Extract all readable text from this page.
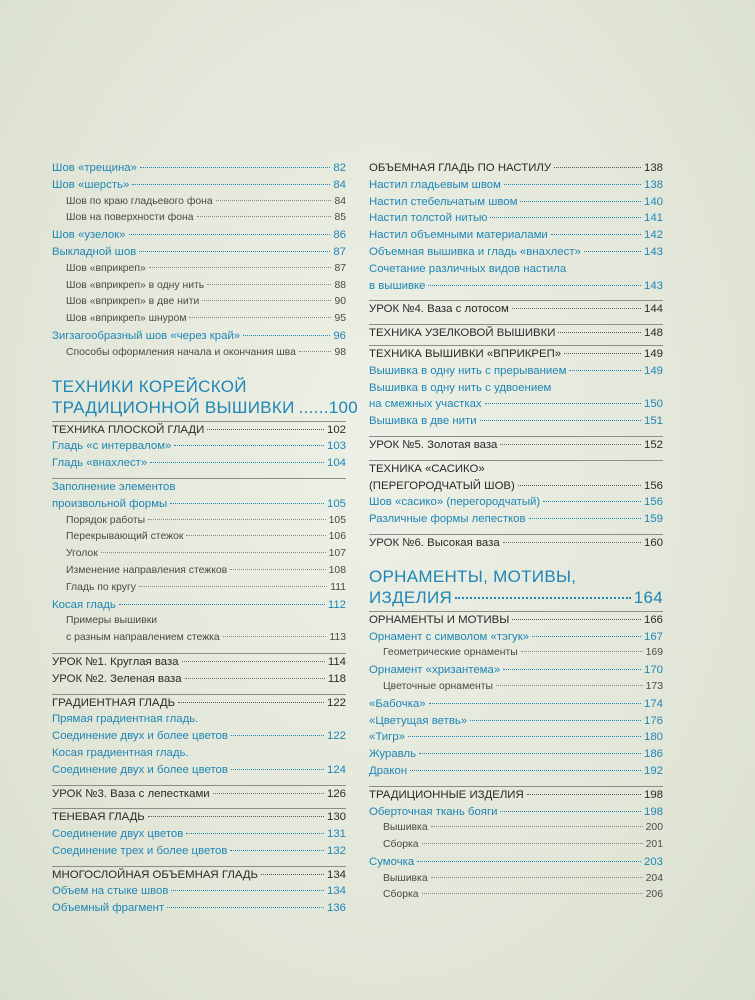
Шов «трещина»	82
Шов «шерсть»	84
Шов по краю гладьевого фона	84
Шов на поверхности фона	85
Шов «узелок»	86
Выкладной шов	87
Шов «вприкреп»	87
Шов «вприкреп» в одну нить	88
Шов «вприкреп» в две нити	90
Шов «вприкреп» шнуром	95
Зигзагообразный шов «через край»	96
Способы оформления начала и окончания шва	98
ТЕХНИКИ КОРЕЙСКОЙ
ТРАДИЦИОННОЙ ВЫШИВКИ ...... 100
ТЕХНИКА ПЛОСКОЙ ГЛАДИ	102
Гладь «с интервалом»	103
Гладь «внахлест»	104
Заполнение элементов
произвольной формы	105
Порядок работы	105
Перекрывающий стежок	106
Уголок	107
Изменение направления стежков	108
Гладь по кругу	111
Косая гладь	112
Примеры вышивки
с разным направлением стежка	113
УРОК №1. Круглая ваза	114
УРОК №2. Зеленая ваза	118
ГРАДИЕНТНАЯ ГЛАДЬ	122
Прямая градиентная гладь.
Соединение двух и более цветов	122
Косая градиентная гладь.
Соединение двух и более цветов	124
УРОК №3. Ваза с лепестками	126
ТЕНЕВАЯ ГЛАДЬ	130
Соединение двух цветов	131
Соединение трех и более цветов	132
МНОГОСЛОЙНАЯ ОБЪЕМНАЯ ГЛАДЬ	134
Объем на стыке швов	134
Объемный фрагмент	136
ОБЪЕМНАЯ ГЛАДЬ ПО НАСТИЛУ	138
Настил гладьевым швом	138
Настил стебельчатым швом	140
Настил толстой нитью	141
Настил объемными материалами	142
Объемная вышивка и гладь «внахлест»	143
Сочетание различных видов настила
в вышивке	143
УРОК №4. Ваза с лотосом	144
ТЕХНИКА УЗЕЛКОВОЙ ВЫШИВКИ	148
ТЕХНИКА ВЫШИВКИ «ВПРИКРЕП»	149
Вышивка в одну нить с прерыванием	149
Вышивка в одну нить с удвоением
на смежных участках	150
Вышивка в две нити	151
УРОК №5. Золотая ваза	152
ТЕХНИКА «САСИКО»
(ПЕРЕГОРОДЧАТЫЙ ШОВ)	156
Шов «сасико» (перегородчатый)	156
Различные формы лепестков	159
УРОК №6. Высокая ваза	160
ОРНАМЕНТЫ, МОТИВЫ,
ИЗДЕЛИЯ	164
ОРНАМЕНТЫ И МОТИВЫ	166
Орнамент с символом «тэгук»	167
Геометрические орнаменты	169
Орнамент «хризантема»	170
Цветочные орнаменты	173
«Бабочка»	174
«Цветущая ветвь»	176
«Тигр»	180
Журавль	186
Дракон	192
ТРАДИЦИОННЫЕ ИЗДЕЛИЯ	198
Оберточная ткань бояги	198
Вышивка	200
Сборка	201
Сумочка	203
Вышивка	204
Сборка	206
